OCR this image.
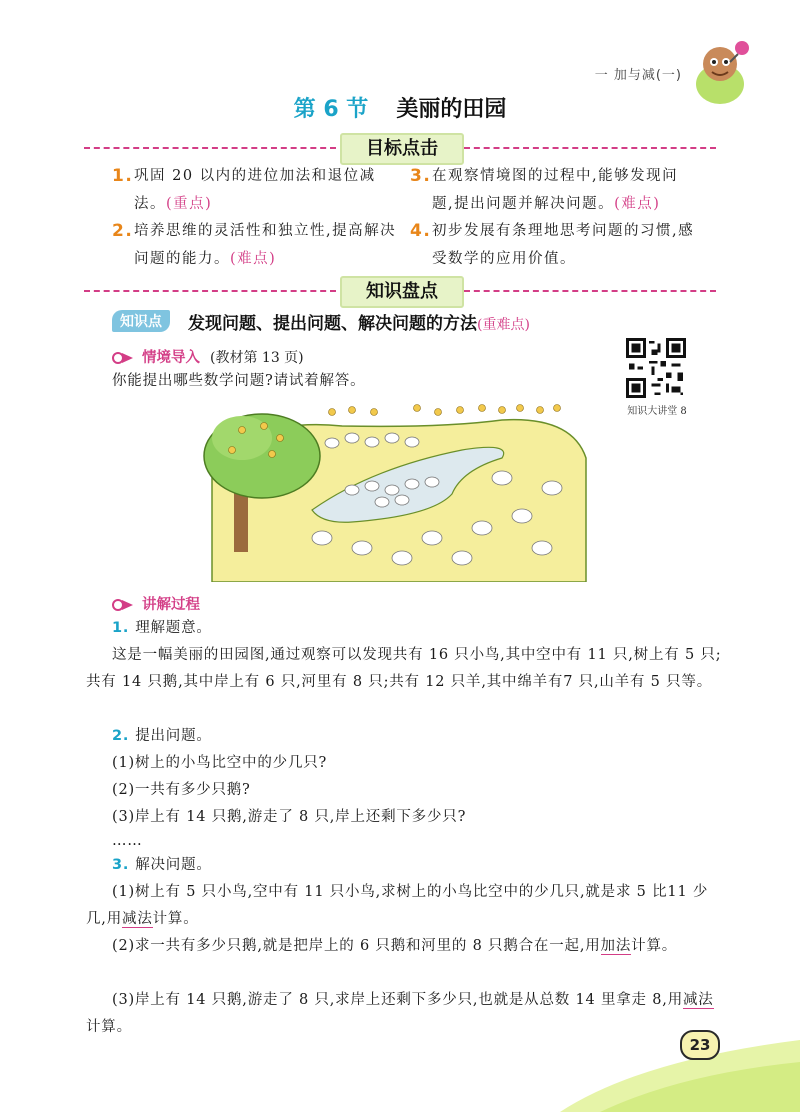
一 加与减(一)
第 6 节 美丽的田园
目标点击
1. 巩固 20 以内的进位加法和退位减法。(重点)
2. 培养思维的灵活性和独立性,提高解决问题的能力。(难点)
3. 在观察情境图的过程中,能够发现问题,提出问题并解决问题。(难点)
4. 初步发展有条理地思考问题的习惯,感受数学的应用价值。
知识盘点
知识点	发现问题、提出问题、解决问题的方法(重难点)
情境导入 (教材第 13 页)
你能提出哪些数学问题?请试着解答。
知识大讲堂 8
讲解过程
1. 理解题意。
这是一幅美丽的田园图,通过观察可以发现共有 16 只小鸟,其中空中有 11 只,树上有 5 只;共有 14 只鹅,其中岸上有 6 只,河里有 8 只;共有 12 只羊,其中绵羊有7 只,山羊有 5 只等。
2. 提出问题。
(1)树上的小鸟比空中的少几只?
(2)一共有多少只鹅?
(3)岸上有 14 只鹅,游走了 8 只,岸上还剩下多少只?
……
3. 解决问题。
(1)树上有 5 只小鸟,空中有 11 只小鸟,求树上的小鸟比空中的少几只,就是求 5 比11 少几,用减法计算。
(2)求一共有多少只鹅,就是把岸上的 6 只鹅和河里的 8 只鹅合在一起,用加法计算。
(3)岸上有 14 只鹅,游走了 8 只,求岸上还剩下多少只,也就是从总数 14 里拿走 8,用减法计算。
23
